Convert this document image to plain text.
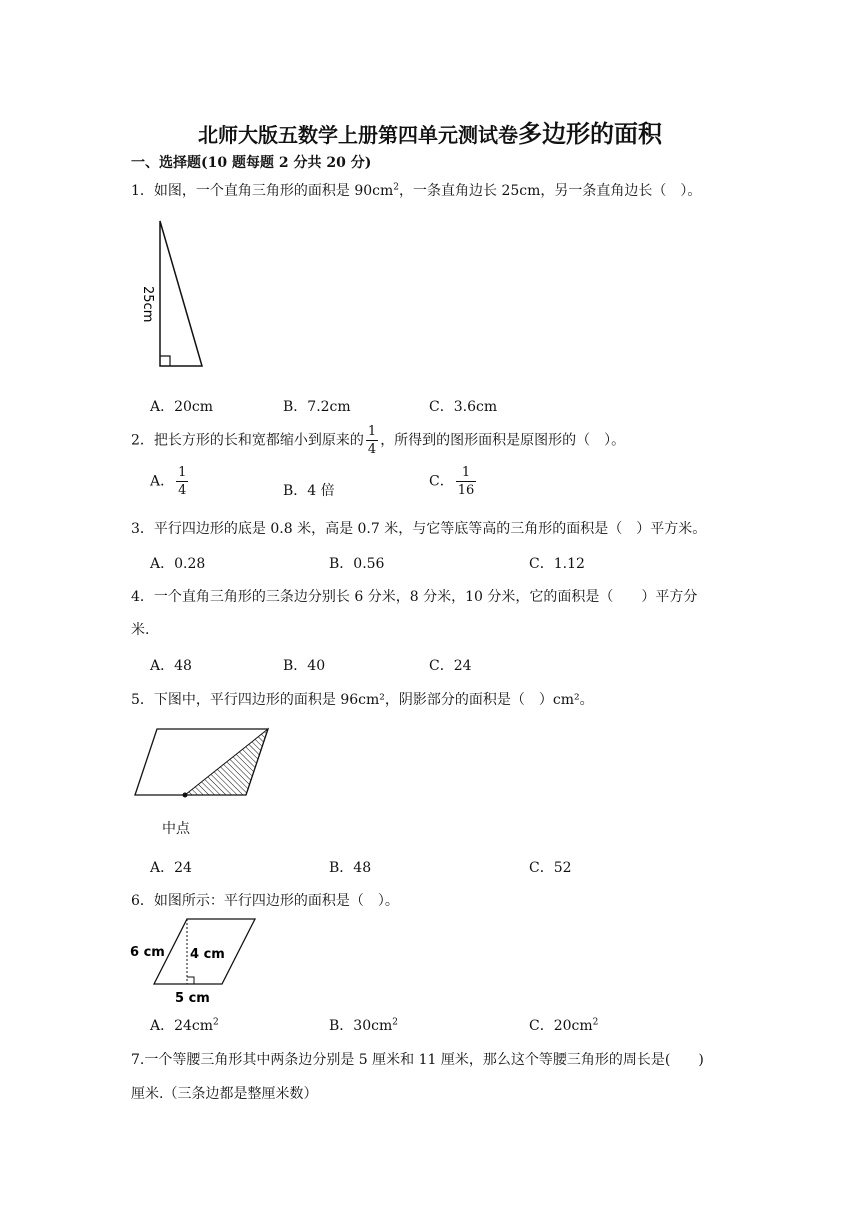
北师大版五数学上册第四单元测试卷多边形的面积
一、选择题(10 题每题 2 分共 20 分)
1．如图，一个直角三角形的面积是 $90cm^2$，一条直角边长 25cm，另一条直角边长（　）。
25cm
A．20cm	B．7.2cm	C．3.6cm
2．把长方形的长和宽都缩小到原来的 $\frac{1}{4}$ ，所得到的图形面积是原图形的（　）。
A． $\frac{1}{4}$	B．4 倍
C． $\frac{1}{16}$
3．平行四边形的底是 0.8 米，高是 0.7 米，与它等底等高的三角形的面积是（　）平方米。
A．0.28	B．0.56	C．1.12
4．一个直角三角形的三条边分别长 6 分米，8 分米，10 分米，它的面积是（　　）平方分
米.
A．48	B．40	C．24
5．下图中，平行四边形的面积是 96cm²，阴影部分的面积是（　）cm²。
中点
A．24	B．48	C．52
6．如图所示：平行四边形的面积是（　）。
6 cm 4 cm
5 cm
A．$24cm^2$	B．$30cm^2$	C．$20cm^2$
7.一个等腰三角形其中两条边分别是 5 厘米和 11 厘米，那么这个等腰三角形的周长是(　　)
厘米.（三条边都是整厘米数）
